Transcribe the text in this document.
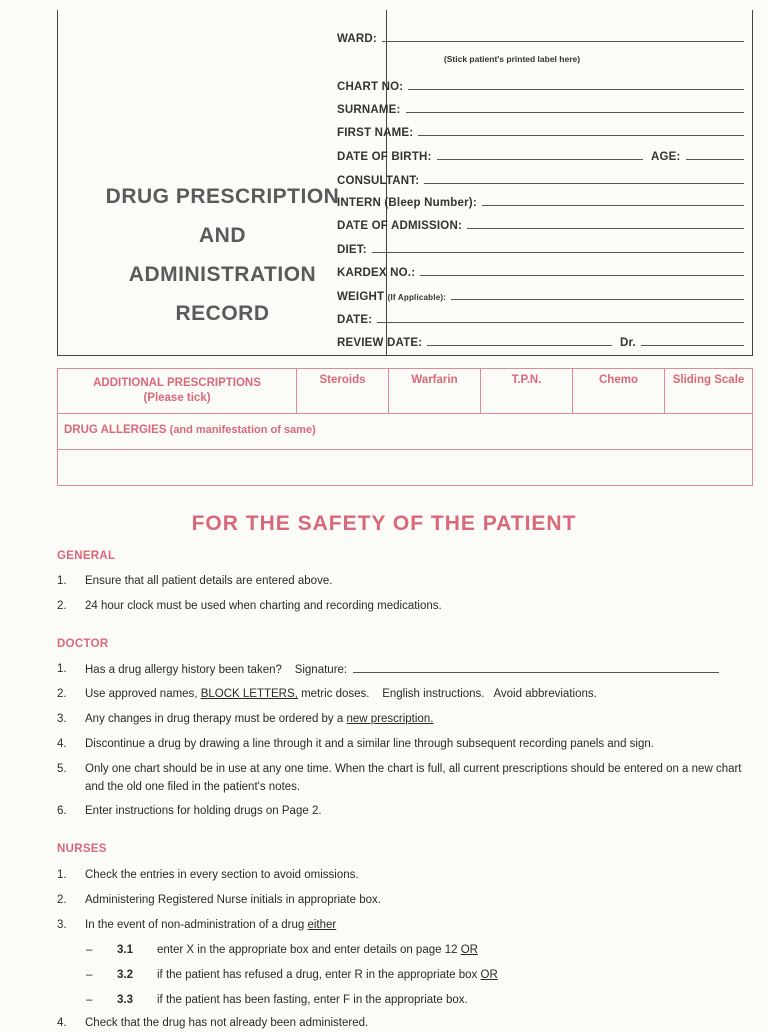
DRUG PRESCRIPTION
AND
ADMINISTRATION
RECORD
WARD:
(Stick patient's printed label here)
CHART NO:
SURNAME:
FIRST NAME:
DATE OF BIRTH:	AGE:
CONSULTANT:
INTERN (Bleep Number):
DATE OF ADMISSION:
DIET:
KARDEX NO.:
WEIGHT (If Applicable):
DATE:
REVIEW DATE:	Dr.
ADDITIONAL PRESCRIPTIONS
(Please tick)
Steroids	Warfarin	T.P.N.	Chemo	Sliding Scale
DRUG ALLERGIES (and manifestation of same)
FOR THE SAFETY OF THE PATIENT
GENERAL
1.	Ensure that all patient details are entered above.
2.	24 hour clock must be used when charting and recording medications.
DOCTOR
1.	Has a drug allergy history been taken? Signature:
2.	Use approved names, BLOCK LETTERS, metric doses.    English instructions.   Avoid abbreviations.
3.	Any changes in drug therapy must be ordered by a new prescription.
4.	Discontinue a drug by drawing a line through it and a similar line through subsequent recording panels and sign.
5.	Only one chart should be in use at any one time. When the chart is full, all current prescriptions should be entered on a new chart and the old one filed in the patient's notes.
6.	Enter instructions for holding drugs on Page 2.
NURSES
1.	Check the entries in every section to avoid omissions.
2.	Administering Registered Nurse initials in appropriate box.
3.	In the event of non-administration of a drug either
– 3.1 enter X in the appropriate box and enter details on page 12 OR
– 3.2 if the patient has refused a drug, enter R in the appropriate box OR
– 3.3 if the patient has been fasting, enter F in the appropriate box.
4.	Check that the drug has not already been administered.
